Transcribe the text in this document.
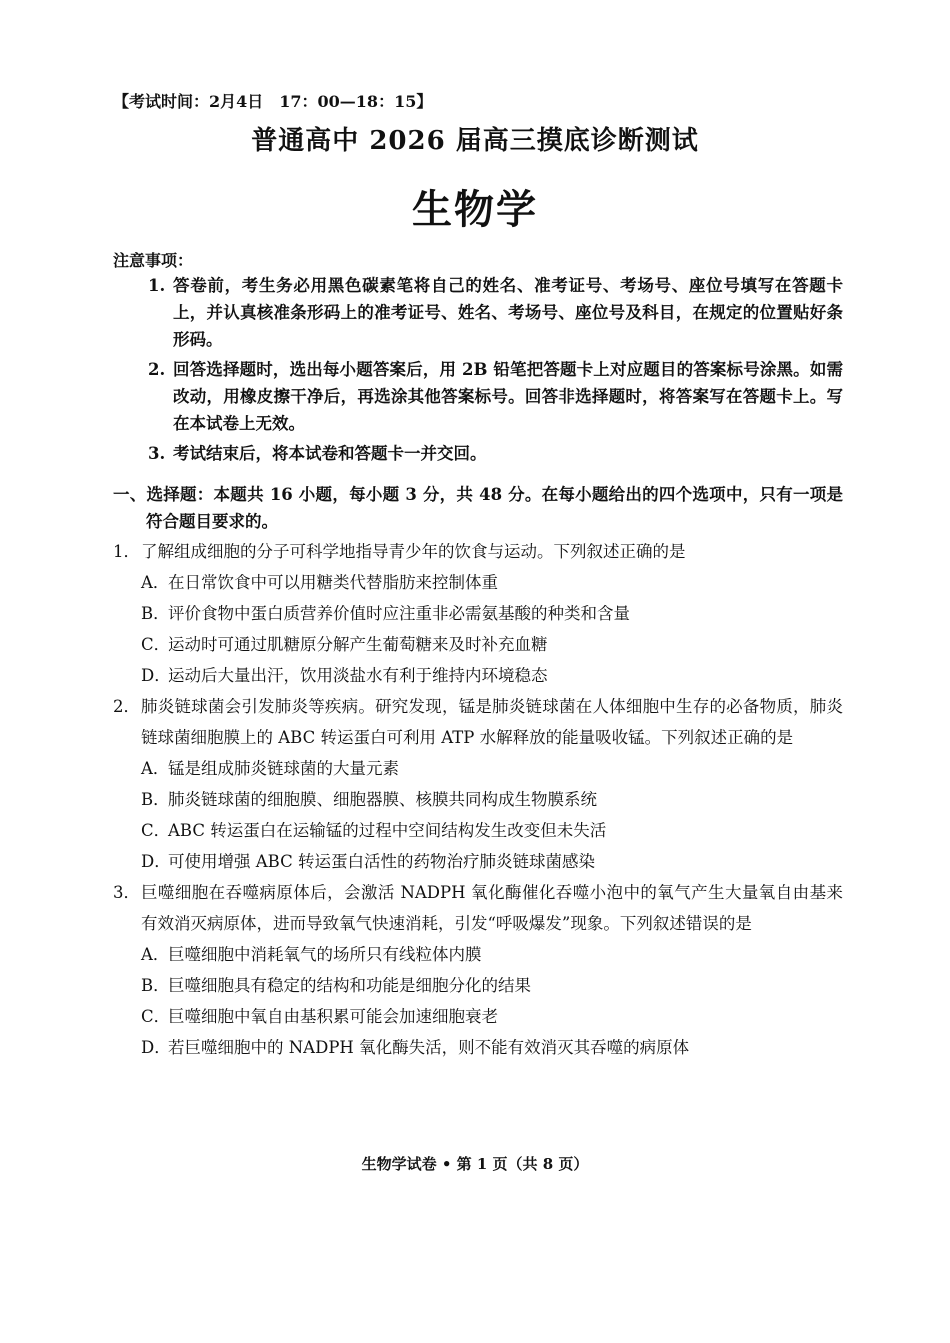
【考试时间：2月4日　17：00—18：15】
普通高中 2026 届高三摸底诊断测试
生物学
注意事项：
1. 答卷前，考生务必用黑色碳素笔将自己的姓名、准考证号、考场号、座位号填写在答题卡上，并认真核准条形码上的准考证号、姓名、考场号、座位号及科目，在规定的位置贴好条形码。
2. 回答选择题时，选出每小题答案后，用 2B 铅笔把答题卡上对应题目的答案标号涂黑。如需改动，用橡皮擦干净后，再选涂其他答案标号。回答非选择题时，将答案写在答题卡上。写在本试卷上无效。
3. 考试结束后，将本试卷和答题卡一并交回。
一、选择题：本题共 16 小题，每小题 3 分，共 48 分。在每小题给出的四个选项中，只有一项是符合题目要求的。
1． 了解组成细胞的分子可科学地指导青少年的饮食与运动。下列叙述正确的是
A．
在日常饮食中可以用糖类代替脂肪来控制体重
B．
评价食物中蛋白质营养价值时应注重非必需氨基酸的种类和含量
C．
运动时可通过肌糖原分解产生葡萄糖来及时补充血糖
D．
运动后大量出汗，饮用淡盐水有利于维持内环境稳态
2． 肺炎链球菌会引发肺炎等疾病。研究发现，锰是肺炎链球菌在人体细胞中生存的必备物质，肺炎链球菌细胞膜上的 ABC 转运蛋白可利用 ATP 水解释放的能量吸收锰。下列叙述正确的是
A．
锰是组成肺炎链球菌的大量元素
B．
肺炎链球菌的细胞膜、细胞器膜、核膜共同构成生物膜系统
C．
ABC 转运蛋白在运输锰的过程中空间结构发生改变但未失活
D．
可使用增强 ABC 转运蛋白活性的药物治疗肺炎链球菌感染
3． 巨噬细胞在吞噬病原体后，会激活 NADPH 氧化酶催化吞噬小泡中的氧气产生大量氧自由基来有效消灭病原体，进而导致氧气快速消耗，引发“呼吸爆发”现象。下列叙述错误的是
A．
巨噬细胞中消耗氧气的场所只有线粒体内膜
B．
巨噬细胞具有稳定的结构和功能是细胞分化的结果
C．
巨噬细胞中氧自由基积累可能会加速细胞衰老
D．
若巨噬细胞中的 NADPH 氧化酶失活，则不能有效消灭其吞噬的病原体
生物学试卷 • 第 1 页（共 8 页）
